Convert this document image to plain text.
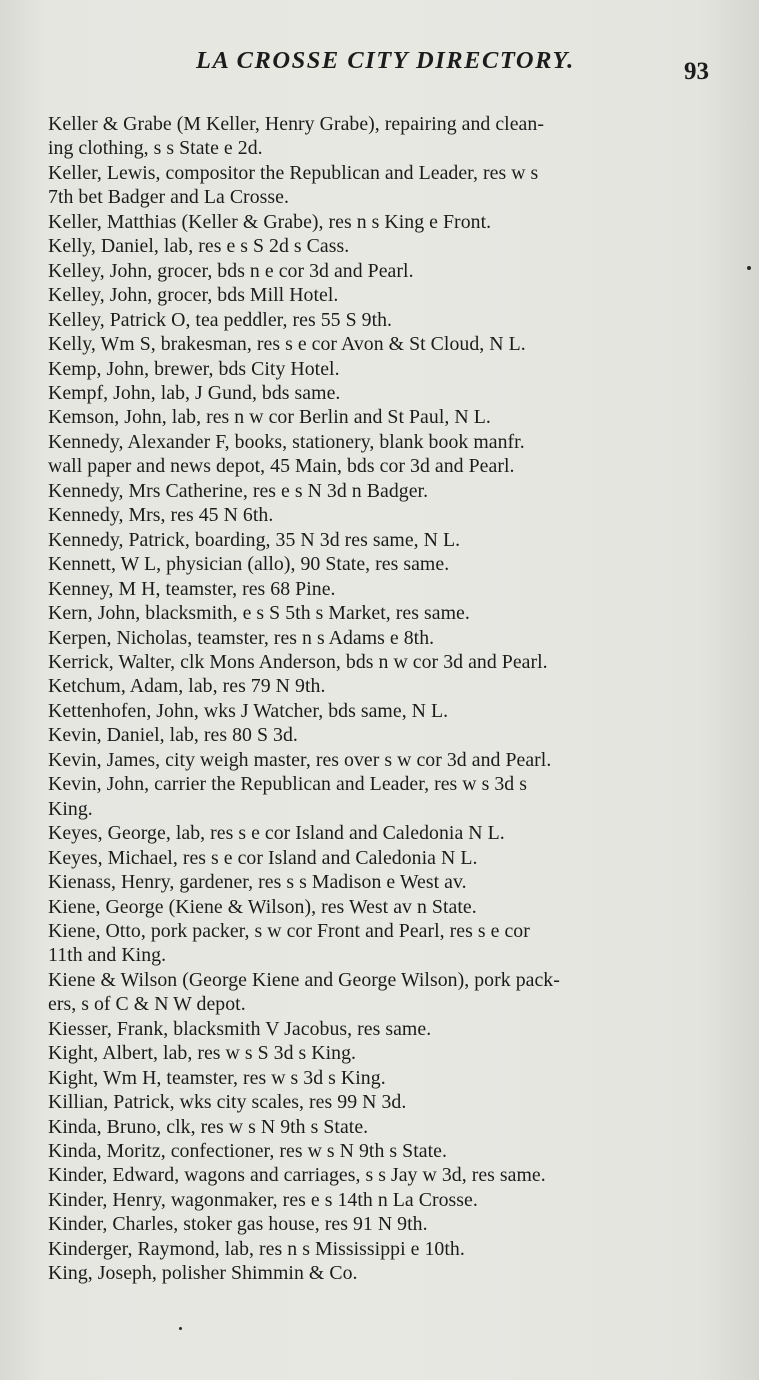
LA CROSSE CITY DIRECTORY.	93

Keller & Grabe (M Keller, Henry Grabe), repairing and clean-
ing clothing, s s State e 2d.

Keller, Lewis, compositor the Republican and Leader, res w s
7th bet Badger and La Crosse.

Keller, Matthias (Keller & Grabe), res n s King e Front.

Kelly, Daniel, lab, res e s S 2d s Cass.

Kelley, John, grocer, bds n e cor 3d and Pearl.

Kelley, John, grocer, bds Mill Hotel.

Kelley, Patrick O, tea peddler, res 55 S 9th.

Kelly, Wm S, brakesman, res s e cor Avon & St Cloud, N L.

Kemp, John, brewer, bds City Hotel.

Kempf, John, lab, J Gund, bds same.

Kemson, John, lab, res n w cor Berlin and St Paul, N L.

Kennedy, Alexander F, books, stationery, blank book manfr.
wall paper and news depot, 45 Main, bds cor 3d and Pearl.

Kennedy, Mrs Catherine, res e s N 3d n Badger.

Kennedy, Mrs, res 45 N 6th.

Kennedy, Patrick, boarding, 35 N 3d res same, N L.

Kennett, W L, physician (allo), 90 State, res same.

Kenney, M H, teamster, res 68 Pine.

Kern, John, blacksmith, e s S 5th s Market, res same.

Kerpen, Nicholas, teamster, res n s Adams e 8th.

Kerrick, Walter, clk Mons Anderson, bds n w cor 3d and Pearl.

Ketchum, Adam, lab, res 79 N 9th.

Kettenhofen, John, wks J Watcher, bds same, N L.

Kevin, Daniel, lab, res 80 S 3d.

Kevin, James, city weigh master, res over s w cor 3d and Pearl.

Kevin, John, carrier the Republican and Leader, res w s 3d s
King.

Keyes, George, lab, res s e cor Island and Caledonia N L.

Keyes, Michael, res s e cor Island and Caledonia N L.

Kienass, Henry, gardener, res s s Madison e West av.

Kiene, George (Kiene & Wilson), res West av n State.

Kiene, Otto, pork packer, s w cor Front and Pearl, res s e cor
11th and King.

Kiene & Wilson (George Kiene and George Wilson), pork pack-
ers, s of C & N W depot.

Kiesser, Frank, blacksmith V Jacobus, res same.

Kight, Albert, lab, res w s S 3d s King.

Kight, Wm H, teamster, res w s 3d s King.

Killian, Patrick, wks city scales, res 99 N 3d.

Kinda, Bruno, clk, res w s N 9th s State.

Kinda, Moritz, confectioner, res w s N 9th s State.

Kinder, Edward, wagons and carriages, s s Jay w 3d, res same.

Kinder, Henry, wagonmaker, res e s 14th n La Crosse.

Kinder, Charles, stoker gas house, res 91 N 9th.

Kinderger, Raymond, lab, res n s Mississippi e 10th.

King, Joseph, polisher Shimmin & Co.
